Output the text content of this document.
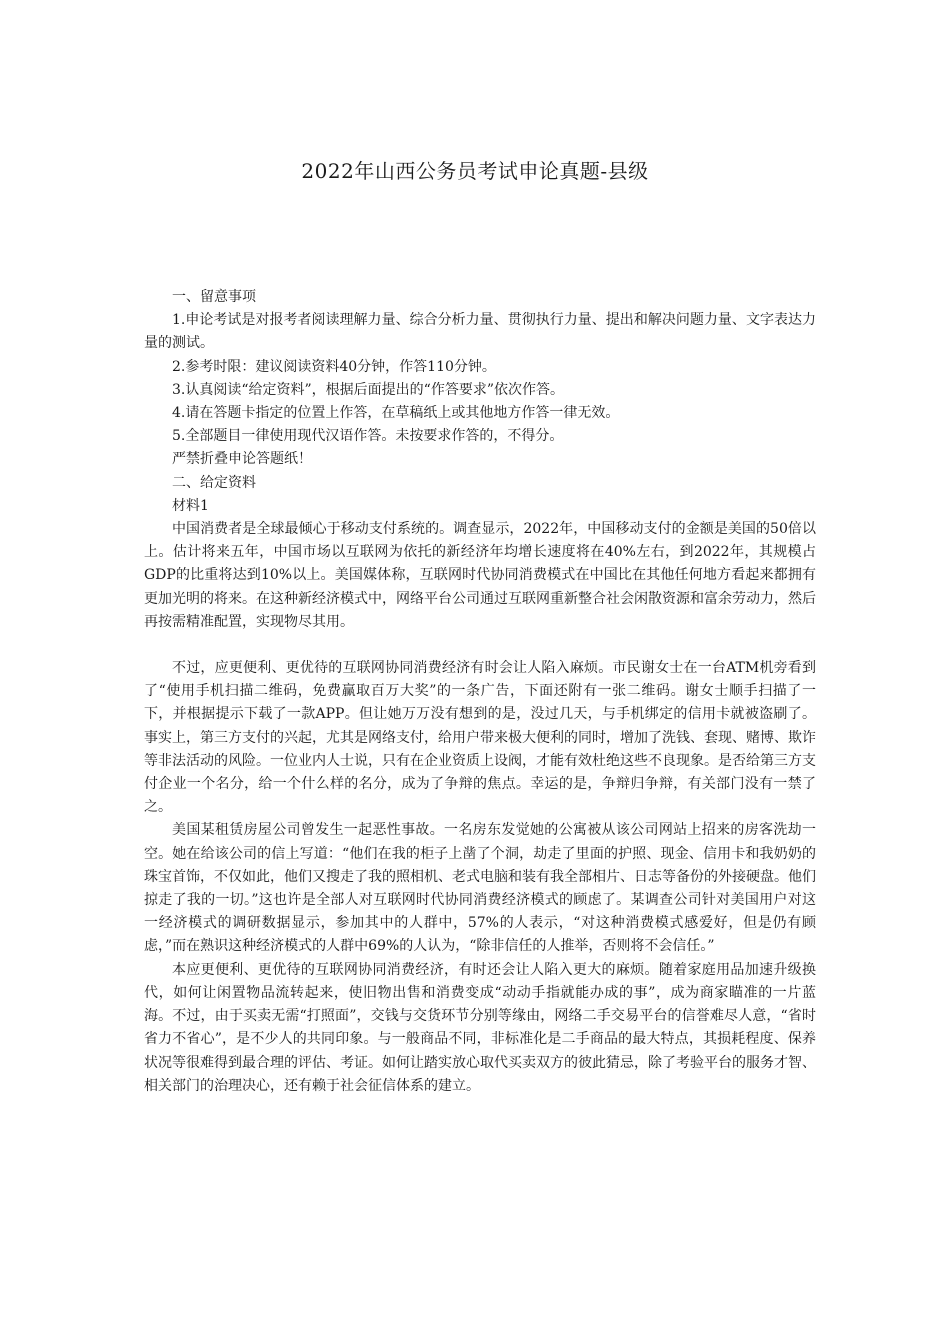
2022年山西公务员考试申论真题-县级

一、留意事项

1.申论考试是对报考者阅读理解力量、综合分析力量、贯彻执行力量、提出和解决问题力量、文字表达力量的测试。

2.参考时限：建议阅读资料40分钟，作答110分钟。

3.认真阅读“给定资料”，根据后面提出的“作答要求”依次作答。

4.请在答题卡指定的位置上作答，在草稿纸上或其他地方作答一律无效。

5.全部题目一律使用现代汉语作答。未按要求作答的，不得分。

严禁折叠申论答题纸！

二、给定资料

材料1

中国消费者是全球最倾心于移动支付系统的。调查显示，2022年，中国移动支付的金额是美国的50倍以上。估计将来五年，中国市场以互联网为依托的新经济年均增长速度将在40%左右，到2022年，其规模占GDP的比重将达到10%以上。美国媒体称，互联网时代协同消费模式在中国比在其他任何地方看起来都拥有更加光明的将来。在这种新经济模式中，网络平台公司通过互联网重新整合社会闲散资源和富余劳动力，然后再按需精准配置，实现物尽其用。

不过，应更便利、更优待的互联网协同消费经济有时会让人陷入麻烦。市民谢女士在一台ATM机旁看到了“使用手机扫描二维码，免费赢取百万大奖”的一条广告，下面还附有一张二维码。谢女士顺手扫描了一下，并根据提示下载了一款APP。但让她万万没有想到的是，没过几天，与手机绑定的信用卡就被盗刷了。事实上，第三方支付的兴起，尤其是网络支付，给用户带来极大便利的同时，增加了洗钱、套现、赌博、欺诈等非法活动的风险。一位业内人士说，只有在企业资质上设阀，才能有效杜绝这些不良现象。是否给第三方支付企业一个名分，给一个什么样的名分，成为了争辩的焦点。幸运的是，争辩归争辩，有关部门没有一禁了之。

美国某租赁房屋公司曾发生一起恶性事故。一名房东发觉她的公寓被从该公司网站上招来的房客洗劫一空。她在给该公司的信上写道：“他们在我的柜子上凿了个洞，劫走了里面的护照、现金、信用卡和我奶奶的珠宝首饰，不仅如此，他们又搜走了我的照相机、老式电脑和装有我全部相片、日志等备份的外接硬盘。他们掠走了我的一切。”这也许是全部人对互联网时代协同消费经济模式的顾虑了。某调查公司针对美国用户对这一经济模式的调研数据显示，参加其中的人群中，57%的人表示，“对这种消费模式感爱好，但是仍有顾虑，”而在熟识这种经济模式的人群中69%的人认为，“除非信任的人推举，否则将不会信任。”

本应更便利、更优待的互联网协同消费经济，有时还会让人陷入更大的麻烦。随着家庭用品加速升级换代，如何让闲置物品流转起来，使旧物出售和消费变成“动动手指就能办成的事”，成为商家瞄准的一片蓝海。不过，由于买卖无需“打照面”，交钱与交货环节分别等缘由，网络二手交易平台的信誉难尽人意，“省时省力不省心”，是不少人的共同印象。与一般商品不同，非标准化是二手商品的最大特点，其损耗程度、保养状况等很难得到最合理的评估、考证。如何让踏实放心取代买卖双方的彼此猜忌，除了考验平台的服务才智、相关部门的治理决心，还有赖于社会征信体系的建立。
